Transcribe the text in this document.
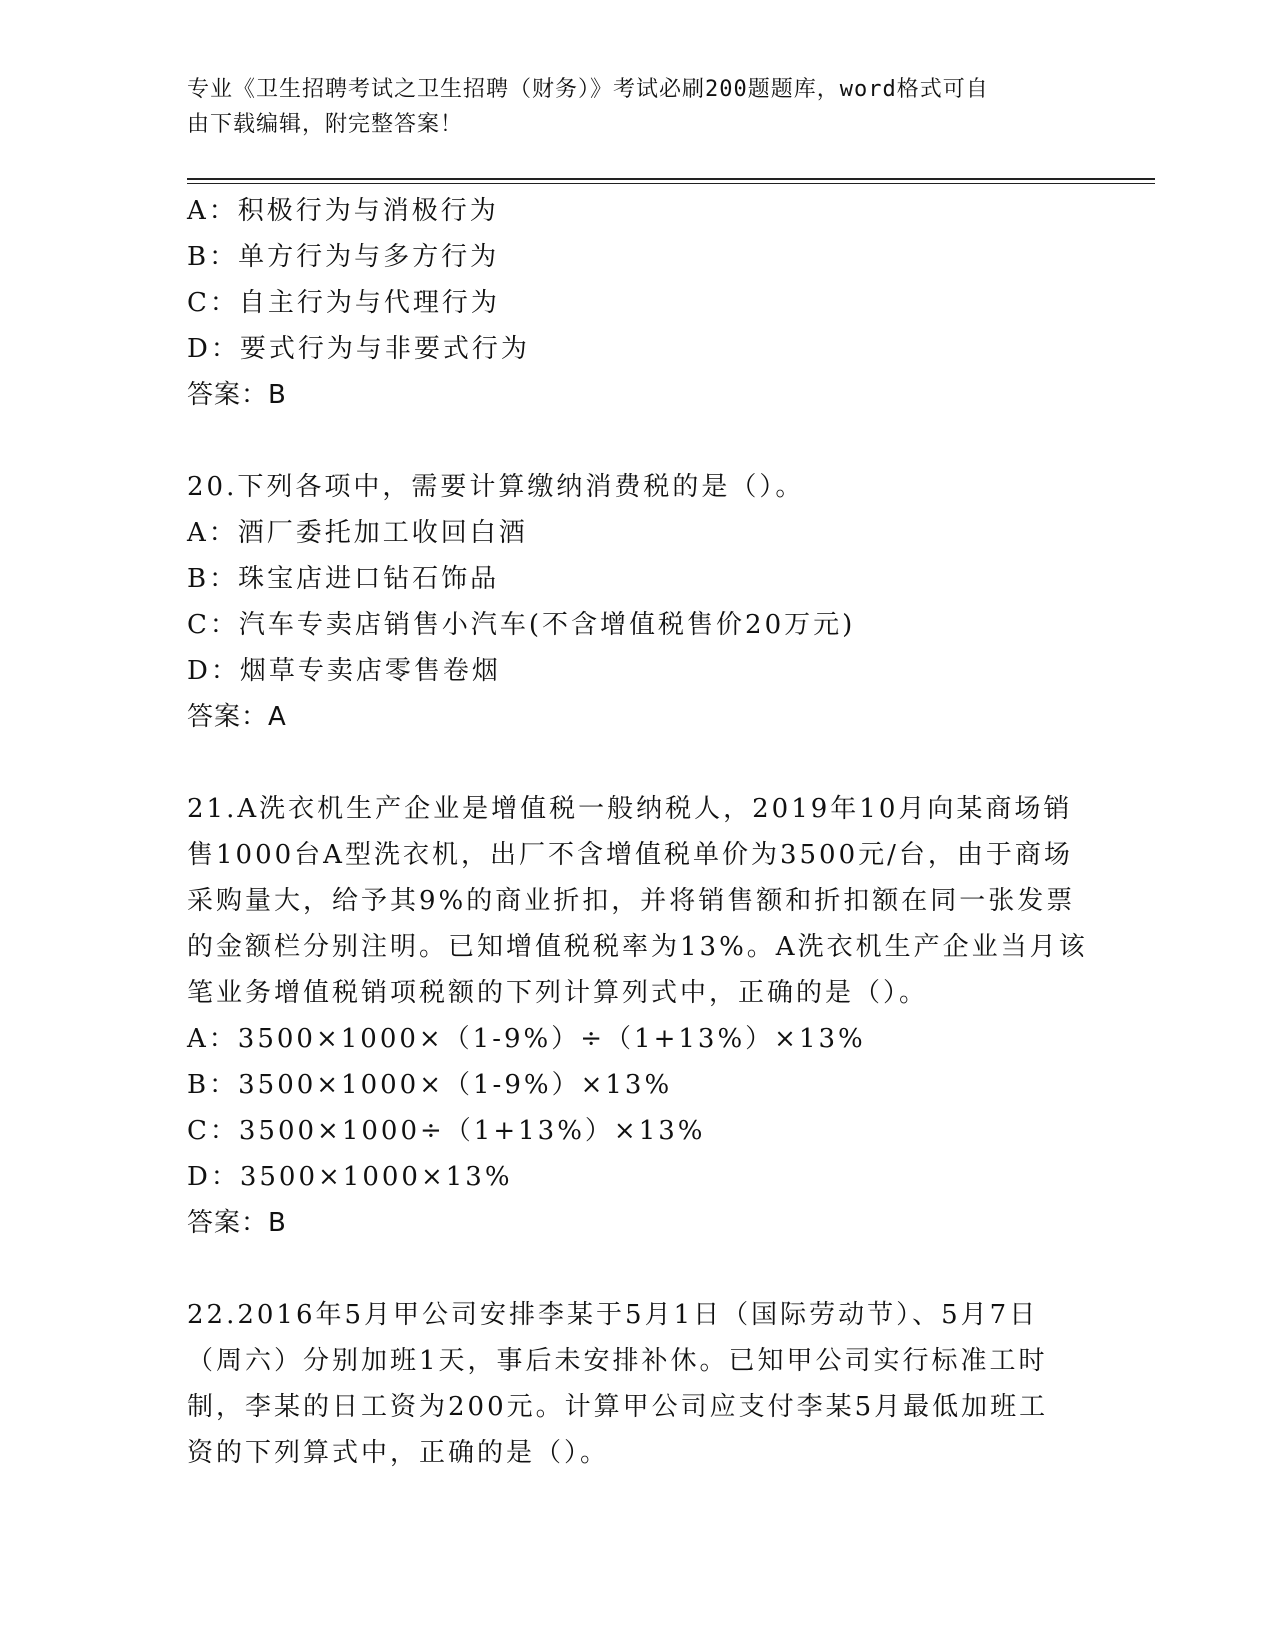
专业《卫生招聘考试之卫生招聘（财务）》考试必刷200题题库，word格式可自
由下载编辑，附完整答案！
A：积极行为与消极行为
B：单方行为与多方行为
C：自主行为与代理行为
D：要式行为与非要式行为
答案：B
20.下列各项中，需要计算缴纳消费税的是（）。
A：酒厂委托加工收回白酒
B：珠宝店进口钻石饰品
C：汽车专卖店销售小汽车(不含增值税售价20万元)
D：烟草专卖店零售卷烟
答案：A
21.A洗衣机生产企业是增值税一般纳税人，2019年10月向某商场销
售1000台A型洗衣机，出厂不含增值税单价为3500元/台，由于商场
采购量大，给予其9%的商业折扣，并将销售额和折扣额在同一张发票
的金额栏分别注明。已知增值税税率为13%。A洗衣机生产企业当月该
笔业务增值税销项税额的下列计算列式中，正确的是（）。
A：3500×1000×（1-9%）÷（1+13%）×13%
B：3500×1000×（1-9%）×13%
C：3500×1000÷（1+13%）×13%
D：3500×1000×13%
答案：B
22.2016年5月甲公司安排李某于5月1日（国际劳动节）、5月7日
（周六）分别加班1天，事后未安排补休。已知甲公司实行标准工时
制，李某的日工资为200元。计算甲公司应支付李某5月最低加班工
资的下列算式中，正确的是（）。
